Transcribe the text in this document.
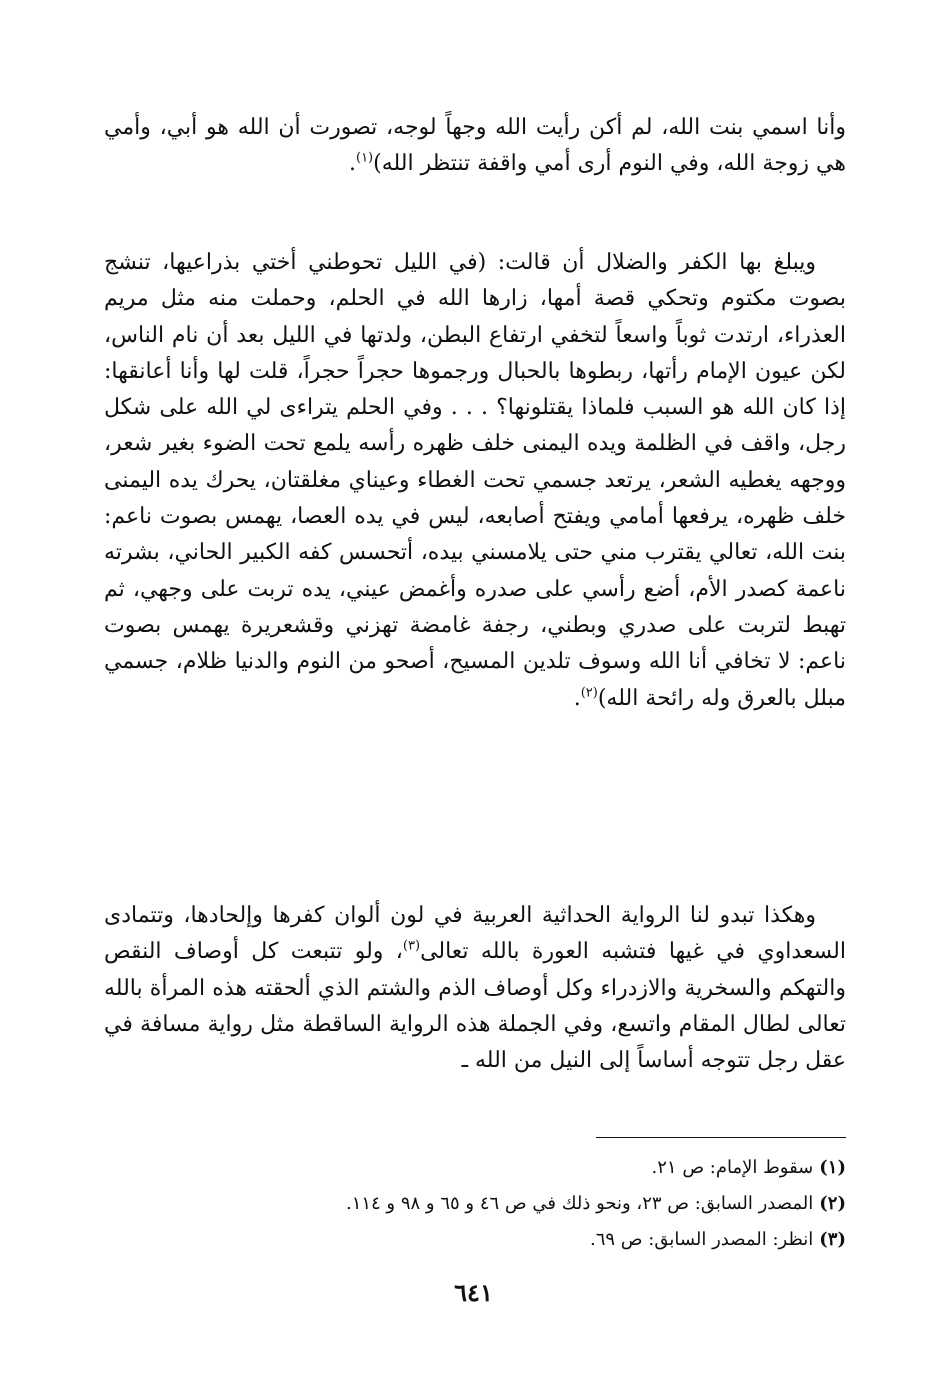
وأنا اسمي بنت الله، لم أكن رأيت الله وجهاً لوجه، تصورت أن الله هو أبي، وأمي هي زوجة الله، وفي النوم أرى أمي واقفة تنتظر الله)$^{(١)}$.

ويبلغ بها الكفر والضلال أن قالت: (في الليل تحوطني أختي بذراعيها، تنشج بصوت مكتوم وتحكي قصة أمها، زارها الله في الحلم، وحملت منه مثل مريم العذراء، ارتدت ثوباً واسعاً لتخفي ارتفاع البطن، ولدتها في الليل بعد أن نام الناس، لكن عيون الإمام رأتها، ربطوها بالحبال ورجموها حجراً حجراً، قلت لها وأنا أعانقها: إذا كان الله هو السبب فلماذا يقتلونها؟ . . . وفي الحلم يتراءى لي الله على شكل رجل، واقف في الظلمة ويده اليمنى خلف ظهره رأسه يلمع تحت الضوء بغير شعر، ووجهه يغطيه الشعر، يرتعد جسمي تحت الغطاء وعيناي مغلقتان، يحرك يده اليمنى خلف ظهره، يرفعها أمامي ويفتح أصابعه، ليس في يده العصا، يهمس بصوت ناعم: بنت الله، تعالي يقترب مني حتى يلامسني بيده، أتحسس كفه الكبير الحاني، بشرته ناعمة كصدر الأم، أضع رأسي على صدره وأغمض عيني، يده تربت على وجهي، ثم تهبط لتربت على صدري وبطني، رجفة غامضة تهزني وقشعريرة يهمس بصوت ناعم: لا تخافي أنا الله وسوف تلدين المسيح، أصحو من النوم والدنيا ظلام، جسمي مبلل بالعرق وله رائحة الله)$^{(٢)}$.

وهكذا تبدو لنا الرواية الحداثية العربية في لون ألوان كفرها وإلحادها، وتتمادى السعداوي في غيها فتشبه العورة بالله تعالى$^{(٣)}$، ولو تتبعت كل أوصاف النقص والتهكم والسخرية والازدراء وكل أوصاف الذم والشتم الذي ألحقته هذه المرأة بالله تعالى لطال المقام واتسع، وفي الجملة هذه الرواية الساقطة مثل رواية مسافة في عقل رجل تتوجه أساساً إلى النيل من الله ـ

(١)سقوط الإمام: ص ٢١.

(٢)المصدر السابق: ص ٢٣، ونحو ذلك في ص ٤٦ و ٦٥ و ٩٨ و ١١٤.

(٣)انظر: المصدر السابق: ص ٦٩.

٦٤١
